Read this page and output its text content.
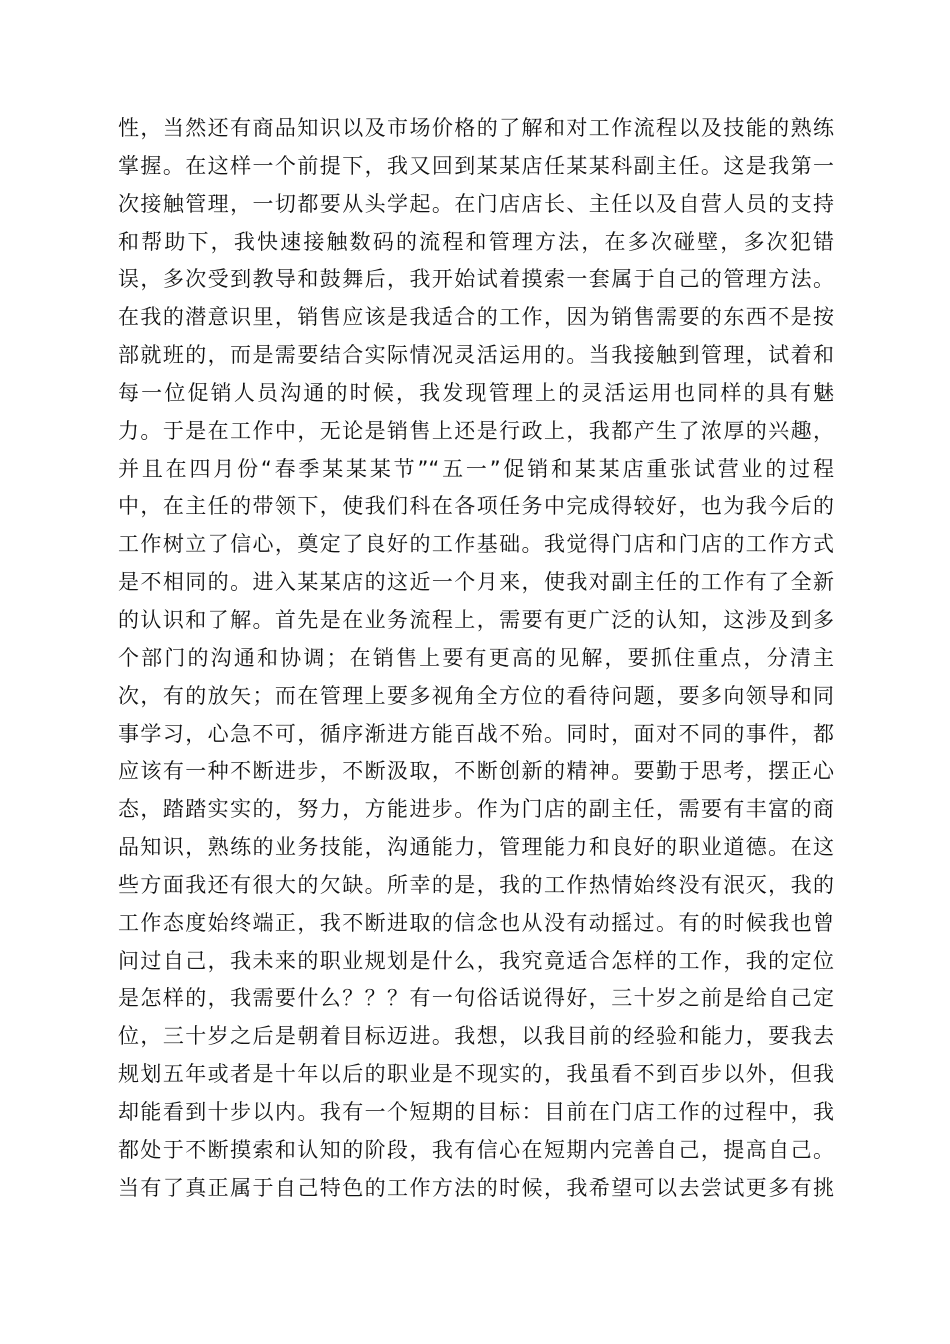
性，当然还有商品知识以及市场价格的了解和对工作流程以及技能的熟练
掌握。在这样一个前提下，我又回到某某店任某某科副主任。这是我第一
次接触管理，一切都要从头学起。在门店店长、主任以及自营人员的支持
和帮助下，我快速接触数码的流程和管理方法，在多次碰壁，多次犯错
误，多次受到教导和鼓舞后，我开始试着摸索一套属于自己的管理方法。
在我的潜意识里，销售应该是我适合的工作，因为销售需要的东西不是按
部就班的，而是需要结合实际情况灵活运用的。当我接触到管理，试着和
每一位促销人员沟通的时候，我发现管理上的灵活运用也同样的具有魅
力。于是在工作中，无论是销售上还是行政上，我都产生了浓厚的兴趣，
并且在四月份“春季某某某节”“五一”促销和某某店重张试营业的过程
中，在主任的带领下，使我们科在各项任务中完成得较好，也为我今后的
工作树立了信心，奠定了良好的工作基础。我觉得门店和门店的工作方式
是不相同的。进入某某店的这近一个月来，使我对副主任的工作有了全新
的认识和了解。首先是在业务流程上，需要有更广泛的认知，这涉及到多
个部门的沟通和协调；在销售上要有更高的见解，要抓住重点，分清主
次，有的放矢；而在管理上要多视角全方位的看待问题，要多向领导和同
事学习，心急不可，循序渐进方能百战不殆。同时，面对不同的事件，都
应该有一种不断进步，不断汲取，不断创新的精神。要勤于思考，摆正心
态，踏踏实实的，努力，方能进步。作为门店的副主任，需要有丰富的商
品知识，熟练的业务技能，沟通能力，管理能力和良好的职业道德。在这
些方面我还有很大的欠缺。所幸的是，我的工作热情始终没有泯灭，我的
工作态度始终端正，我不断进取的信念也从没有动摇过。有的时候我也曾
问过自己，我未来的职业规划是什么，我究竟适合怎样的工作，我的定位
是怎样的，我需要什么？？？有一句俗话说得好，三十岁之前是给自己定
位，三十岁之后是朝着目标迈进。我想，以我目前的经验和能力，要我去
规划五年或者是十年以后的职业是不现实的，我虽看不到百步以外，但我
却能看到十步以内。我有一个短期的目标：目前在门店工作的过程中，我
都处于不断摸索和认知的阶段，我有信心在短期内完善自己，提高自己。
当有了真正属于自己特色的工作方法的时候，我希望可以去尝试更多有挑
